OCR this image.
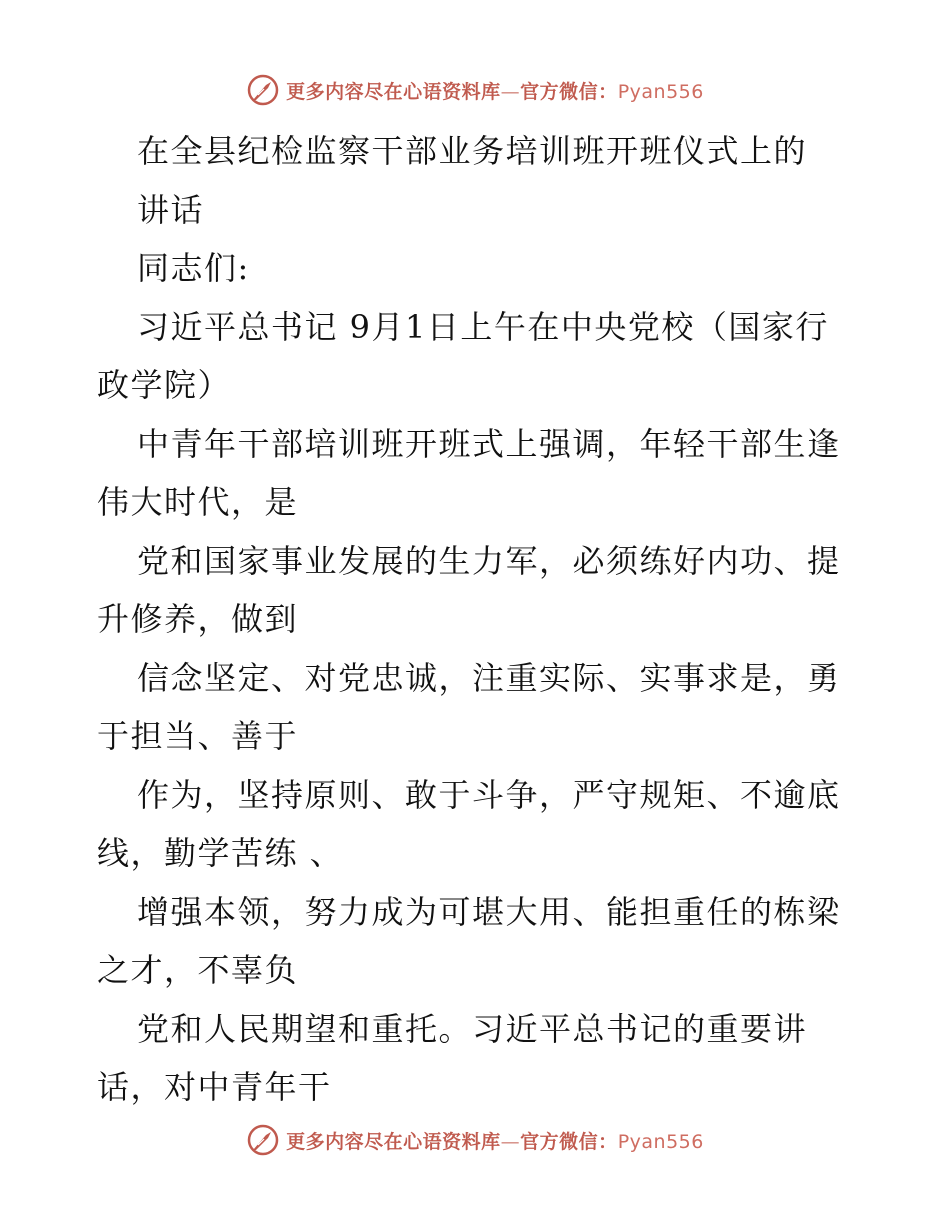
更多内容尽在心语资料库—官方微信：Pyan556
在全县纪检监察干部业务培训班开班仪式上的
讲话
同志们:
习近平总书记 9月1日上午在中央党校（国家行
政学院）
中青年干部培训班开班式上强调，年轻干部生逢
伟大时代，是
党和国家事业发展的生力军，必须练好内功、提
升修养，做到
信念坚定、对党忠诚，注重实际、实事求是，勇
于担当、善于
作为，坚持原则、敢于斗争，严守规矩、不逾底
线，勤学苦练 、
增强本领，努力成为可堪大用、能担重任的栋梁
之才，不辜负
党和人民期望和重托。习近平总书记的重要讲
话，对中青年干
更多内容尽在心语资料库—官方微信：Pyan556
